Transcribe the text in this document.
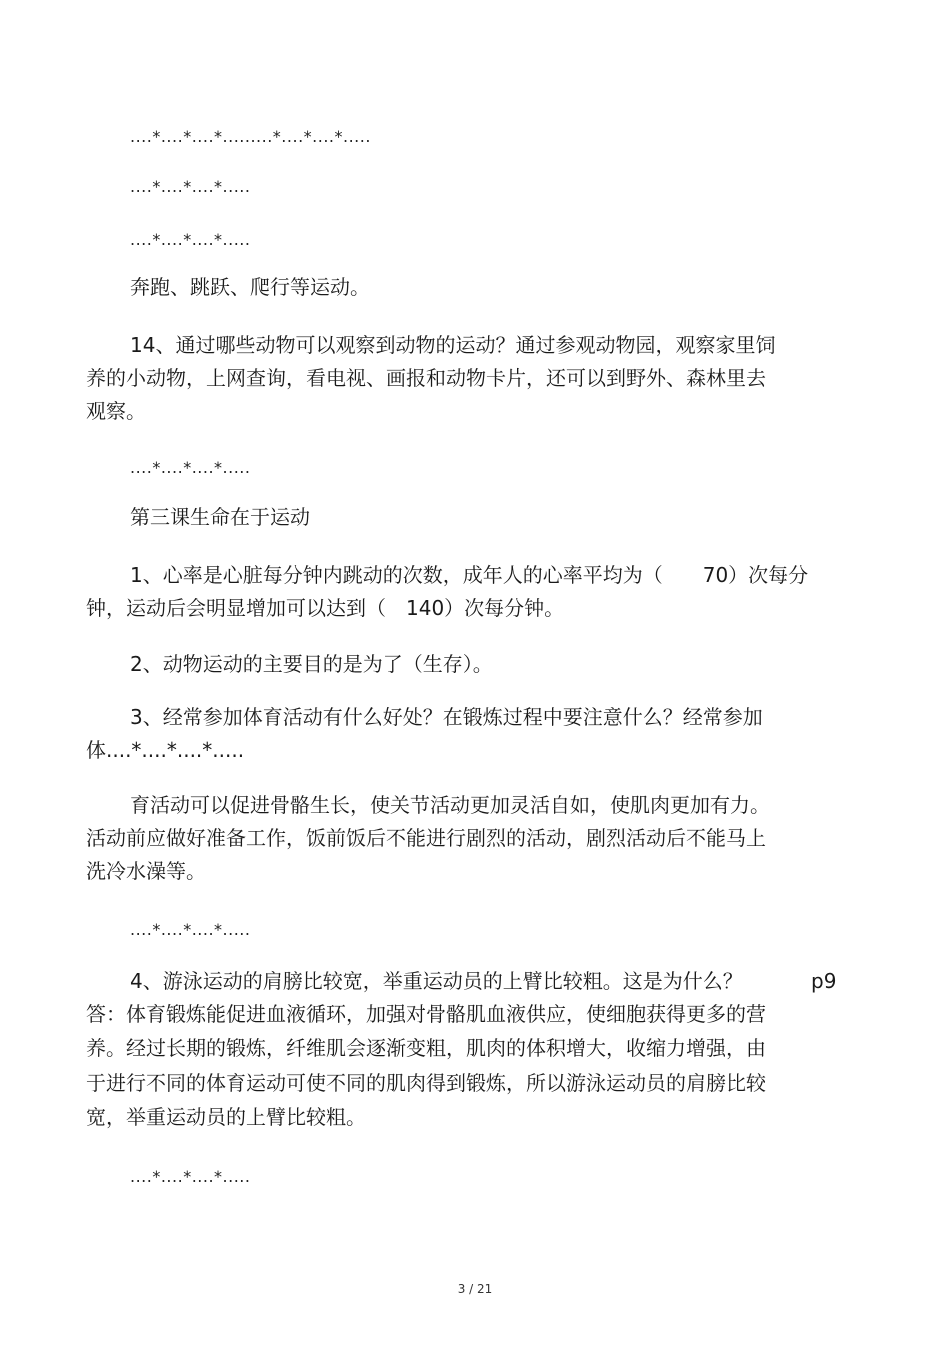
....*....*....*.........*....*....*.....
....*....*....*.....
....*....*....*.....
奔跑、跳跃、爬行等运动。
14、通过哪些动物可以观察到动物的运动？通过参观动物园，观察家里饲
养的小动物，上网查询，看电视、画报和动物卡片，还可以到野外、森林里去
观察。
....*....*....*.....
第三课生命在于运动
1、心率是心脏每分钟内跳动的次数，成年人的心率平均为（　　70）次每分
钟，运动后会明显增加可以达到（　140）次每分钟。
2、动物运动的主要目的是为了（生存）。
3、经常参加体育活动有什么好处？在锻炼过程中要注意什么？经常参加
体....*....*....*.....
育活动可以促进骨骼生长，使关节活动更加灵活自如，使肌肉更加有力。
活动前应做好准备工作，饭前饭后不能进行剧烈的活动，剧烈活动后不能马上
洗冷水澡等。
....*....*....*.....
4、游泳运动的肩膀比较宽，举重运动员的上臂比较粗。这是为什么？	p9
答：体育锻炼能促进血液循环，加强对骨骼肌血液供应，使细胞获得更多的营
养。经过长期的锻炼，纤维肌会逐渐变粗，肌肉的体积增大，收缩力增强，由
于进行不同的体育运动可使不同的肌肉得到锻炼，所以游泳运动员的肩膀比较
宽，举重运动员的上臂比较粗。
....*....*....*.....
3 / 21
